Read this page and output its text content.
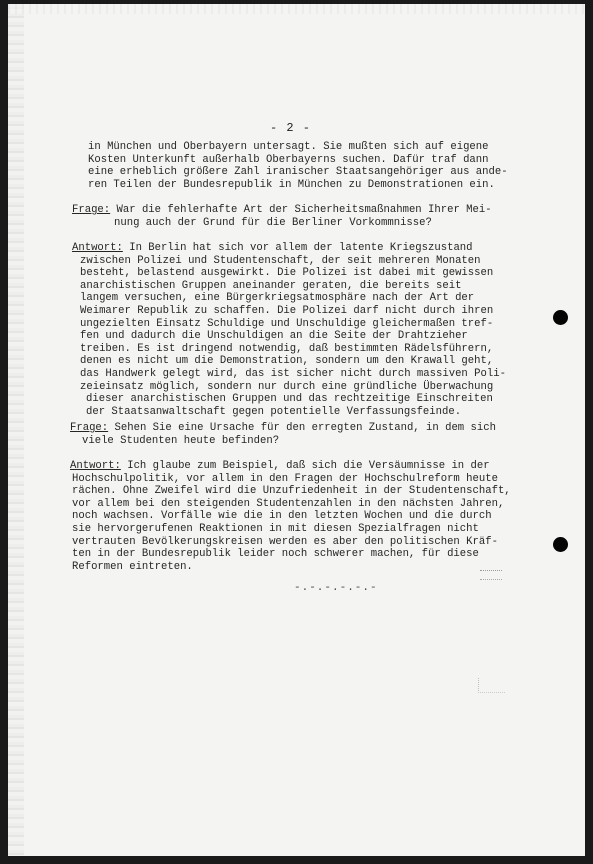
- 2 -
in München und Oberbayern untersagt. Sie mußten sich auf eigene
Kosten Unterkunft außerhalb Oberbayerns suchen. Dafür traf dann
eine erheblich größere Zahl iranischer Staatsangehöriger aus ande-
ren Teilen der Bundesrepublik in München zu Demonstrationen ein.
Frage: War die fehlerhafte Art der Sicherheitsmaßnahmen Ihrer Mei-
nung auch der Grund für die Berliner Vorkommnisse?
Antwort: In Berlin hat sich vor allem der latente Kriegszustand
zwischen Polizei und Studentenschaft, der seit mehreren Monaten
besteht, belastend ausgewirkt. Die Polizei ist dabei mit gewissen
anarchistischen Gruppen aneinander geraten, die bereits seit
langem versuchen, eine Bürgerkriegsatmosphäre nach der Art der
Weimarer Republik zu schaffen. Die Polizei darf nicht durch ihren
ungezielten Einsatz Schuldige und Unschuldige gleichermaßen tref-
fen und dadurch die Unschuldigen an die Seite der Drahtzieher
treiben. Es ist dringend notwendig, daß bestimmten Rädelsführern,
denen es nicht um die Demonstration, sondern um den Krawall geht,
das Handwerk gelegt wird, das ist sicher nicht durch massiven Poli-
zeieinsatz möglich, sondern nur durch eine gründliche Überwachung
dieser anarchistischen Gruppen und das rechtzeitige Einschreiten
der Staatsanwaltschaft gegen potentielle Verfassungsfeinde.
Frage: Sehen Sie eine Ursache für den erregten Zustand, in dem sich
viele Studenten heute befinden?
Antwort: Ich glaube zum Beispiel, daß sich die Versäumnisse in der
Hochschulpolitik, vor allem in den Fragen der Hochschulreform heute
rächen. Ohne Zweifel wird die Unzufriedenheit in der Studentenschaft,
vor allem bei den steigenden Studentenzahlen in den nächsten Jahren,
noch wachsen. Vorfälle wie die in den letzten Wochen und die durch
sie hervorgerufenen Reaktionen in mit diesen Spezialfragen nicht
vertrauten Bevölkerungskreisen werden es aber den politischen Kräf-
ten in der Bundesrepublik leider noch schwerer machen, für diese
Reformen eintreten.
-.-.-.-.-.-
